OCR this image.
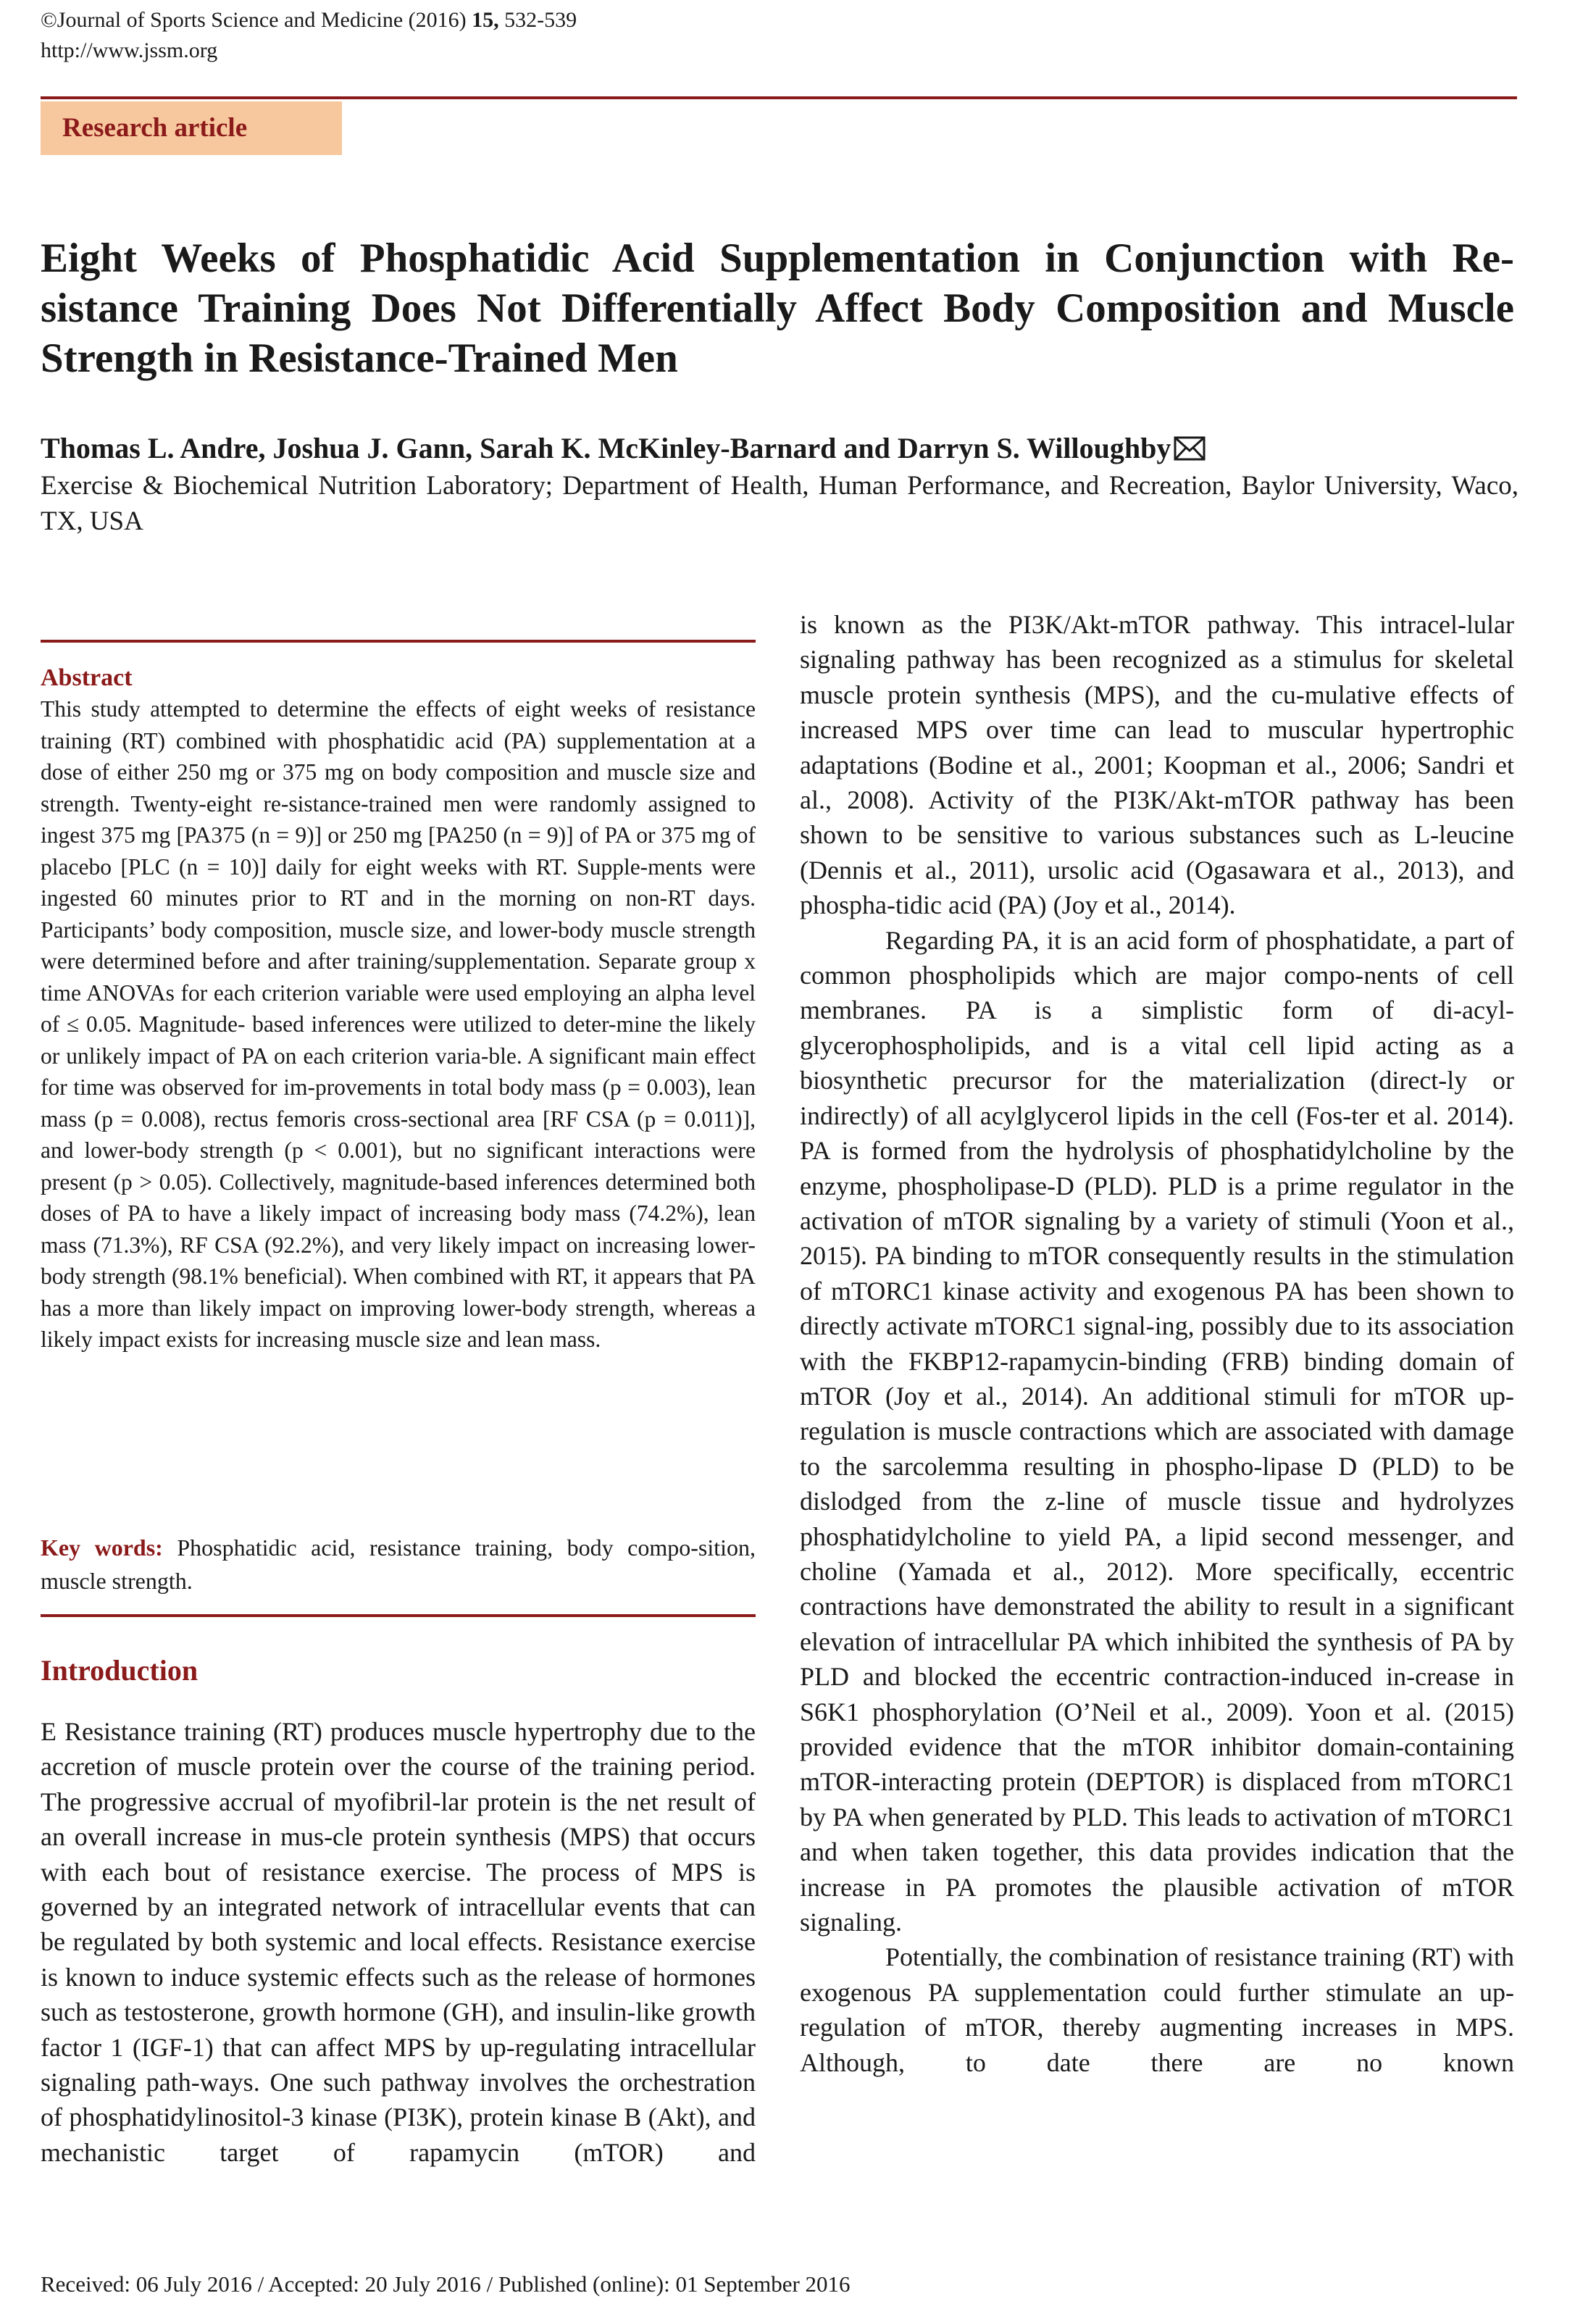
©Journal of Sports Science and Medicine (2016) 15, 532-539
http://www.jssm.org
Research article
Eight Weeks of Phosphatidic Acid Supplementation in Conjunction with Re-sistance Training Does Not Differentially Affect Body Composition and Muscle Strength in Resistance-Trained Men
Thomas L. Andre, Joshua J. Gann, Sarah K. McKinley-Barnard and Darryn S. Willoughby
Exercise & Biochemical Nutrition Laboratory; Department of Health, Human Performance, and Recreation, Baylor University, Waco, TX, USA
Abstract

This study attempted to determine the effects of eight weeks of resistance training (RT) combined with phosphatidic acid (PA) supplementation at a dose of either 250 mg or 375 mg on body composition and muscle size and strength. Twenty-eight re-sistance-trained men were randomly assigned to ingest 375 mg [PA375 (n = 9)] or 250 mg [PA250 (n = 9)] of PA or 375 mg of placebo [PLC (n = 10)] daily for eight weeks with RT. Supple-ments were ingested 60 minutes prior to RT and in the morning on non-RT days. Participants’ body composition, muscle size, and lower-body muscle strength were determined before and after training/supplementation. Separate group x time ANOVAs for each criterion variable were used employing an alpha level of ≤ 0.05. Magnitude- based inferences were utilized to deter-mine the likely or unlikely impact of PA on each criterion varia-ble. A significant main effect for time was observed for im-provements in total body mass (p = 0.003), lean mass (p = 0.008), rectus femoris cross-sectional area [RF CSA (p = 0.011)], and lower-body strength (p < 0.001), but no significant interactions were present (p > 0.05). Collectively, magnitude-based inferences determined both doses of PA to have a likely impact of increasing body mass (74.2%), lean mass (71.3%), RF CSA (92.2%), and very likely impact on increasing lower-body strength (98.1% beneficial). When combined with RT, it appears that PA has a more than likely impact on improving lower-body strength, whereas a likely impact exists for increasing muscle size and lean mass.

Key words: Phosphatidic acid, resistance training, body compo-sition, muscle strength.

Introduction

E Resistance training (RT) produces muscle hypertrophy due to the accretion of muscle protein over the course of the training period. The progressive accrual of myofibril-lar protein is the net result of an overall increase in mus-cle protein synthesis (MPS) that occurs with each bout of resistance exercise. The process of MPS is governed by an integrated network of intracellular events that can be regulated by both systemic and local effects. Resistance exercise is known to induce systemic effects such as the release of hormones such as testosterone, growth hormone (GH), and insulin-like growth factor 1 (IGF-1) that can affect MPS by up-regulating intracellular signaling path-ways. One such pathway involves the orchestration of phosphatidylinositol-3 kinase (PI3K), protein kinase B (Akt), and mechanistic target of rapamycin (mTOR) and

is known as the PI3K/Akt-mTOR pathway. This intracel-lular signaling pathway has been recognized as a stimulus for skeletal muscle protein synthesis (MPS), and the cu-mulative effects of increased MPS over time can lead to muscular hypertrophic adaptations (Bodine et al., 2001; Koopman et al., 2006; Sandri et al., 2008). Activity of the PI3K/Akt-mTOR pathway has been shown to be sensitive to various substances such as L-leucine (Dennis et al., 2011), ursolic acid (Ogasawara et al., 2013), and phospha-tidic acid (PA) (Joy et al., 2014).

Regarding PA, it is an acid form of phosphatidate, a part of common phospholipids which are major compo-nents of cell membranes. PA is a simplistic form of di-acyl-glycerophospholipids, and is a vital cell lipid acting as a biosynthetic precursor for the materialization (direct-ly or indirectly) of all acylglycerol lipids in the cell (Fos-ter et al. 2014). PA is formed from the hydrolysis of phosphatidylcholine by the enzyme, phospholipase-D (PLD). PLD is a prime regulator in the activation of mTOR signaling by a variety of stimuli (Yoon et al., 2015). PA binding to mTOR consequently results in the stimulation of mTORC1 kinase activity and exogenous PA has been shown to directly activate mTORC1 signal-ing, possibly due to its association with the FKBP12-rapamycin-binding (FRB) binding domain of mTOR (Joy et al., 2014). An additional stimuli for mTOR up-regulation is muscle contractions which are associated with damage to the sarcolemma resulting in phospho-lipase D (PLD) to be dislodged from the z-line of muscle tissue and hydrolyzes phosphatidylcholine to yield PA, a lipid second messenger, and choline (Yamada et al., 2012). More specifically, eccentric contractions have demonstrated the ability to result in a significant elevation of intracellular PA which inhibited the synthesis of PA by PLD and blocked the eccentric contraction-induced in-crease in S6K1 phosphorylation (O’Neil et al., 2009). Yoon et al. (2015) provided evidence that the mTOR inhibitor domain-containing mTOR-interacting protein (DEPTOR) is displaced from mTORC1 by PA when generated by PLD. This leads to activation of mTORC1 and when taken together, this data provides indication that the increase in PA promotes the plausible activation of mTOR signaling.

Potentially, the combination of resistance training (RT) with exogenous PA supplementation could further stimulate an up-regulation of mTOR, thereby augmenting increases in MPS. Although, to date there are no known

Received: 06 July 2016 / Accepted: 20 July 2016 / Published (online): 01 September 2016
